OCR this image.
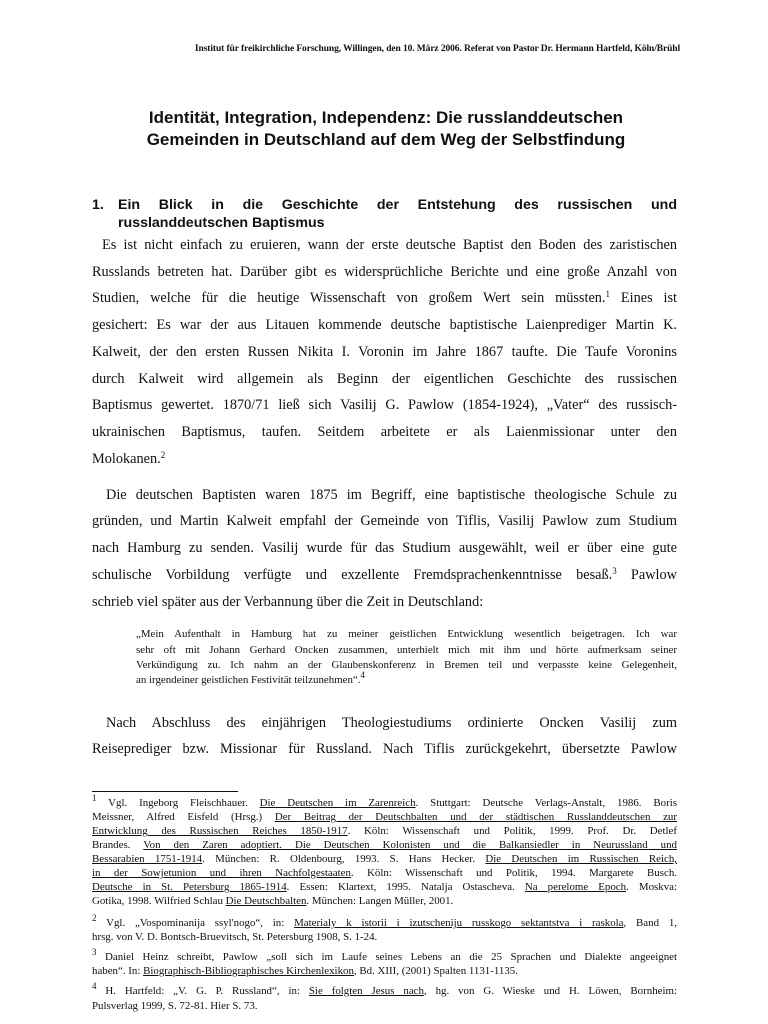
Institut für freikirchliche Forschung, Willingen, den 10. März 2006. Referat von Pastor Dr. Hermann Hartfeld, Köln/Brühl
Identität, Integration, Independenz: Die russlanddeutschen
Gemeinden in Deutschland auf dem Weg der Selbstfindung
1. Ein Blick in die Geschichte der Entstehung des russischen und
russlanddeutschen Baptismus
Es ist nicht einfach zu eruieren, wann der erste deutsche Baptist den Boden des zaristischen
Russlands betreten hat. Darüber gibt es widersprüchliche Berichte und eine große Anzahl von
Studien, welche für die heutige Wissenschaft von großem Wert sein müssten.$^1$ Eines ist
gesichert: Es war der aus Litauen kommende deutsche baptistische Laienprediger Martin K.
Kalweit, der den ersten Russen Nikita I. Voronin im Jahre 1867 taufte. Die Taufe Voronins
durch Kalweit wird allgemein als Beginn der eigentlichen Geschichte des russischen
Baptismus gewertet. 1870/71 ließ sich Vasilij G. Pawlow (1854-1924), „Vater“ des russisch-
ukrainischen Baptismus, taufen. Seitdem arbeitete er als Laienmissionar unter den
Molokanen.$^2$
Die deutschen Baptisten waren 1875 im Begriff, eine baptistische theologische Schule zu
gründen, und Martin Kalweit empfahl der Gemeinde von Tiflis, Vasilij Pawlow zum Studium
nach Hamburg zu senden. Vasilij wurde für das Studium ausgewählt, weil er über eine gute
schulische Vorbildung verfügte und exzellente Fremdsprachenkenntnisse besaß.$^3$ Pawlow
schrieb viel später aus der Verbannung über die Zeit in Deutschland:
„Mein Aufenthalt in Hamburg hat zu meiner geistlichen Entwicklung wesentlich beigetragen. Ich war
sehr oft mit Johann Gerhard Oncken zusammen, unterhielt mich mit ihm und hörte aufmerksam seiner
Verkündigung zu. Ich nahm an der Glaubenskonferenz in Bremen teil und verpasste keine Gelegenheit,
an irgendeiner geistlichen Festivität teilzunehmen“.$^4$
Nach Abschluss des einjährigen Theologiestudiums ordinierte Oncken Vasilij zum
Reiseprediger bzw. Missionar für Russland. Nach Tiflis zurückgekehrt, übersetzte Pawlow
$^1$ Vgl. Ingeborg Fleischhauer. Die Deutschen im Zarenreich. Stuttgart: Deutsche Verlags-Anstalt, 1986. Boris
Meissner, Alfred Eisfeld (Hrsg.) Der Beitrag der Deutschbalten und der städtischen Russlanddeutschen zur
Entwicklung des Russischen Reiches 1850-1917. Köln: Wissenschaft und Politik, 1999. Prof. Dr. Detlef
Brandes. Von den Zaren adoptiert. Die Deutschen Kolonisten und die Balkansiedler in Neurussland und
Bessarabien 1751-1914. München: R. Oldenbourg, 1993. S. Hans Hecker. Die Deutschen im Russischen Reich,
in der Sowjetunion und ihren Nachfolgestaaten. Köln: Wissenschaft und Politik, 1994. Margarete Busch.
Deutsche in St. Petersburg 1865-1914. Essen: Klartext, 1995. Natalja Ostascheva. Na perelome Epoch. Moskva:
Gotika, 1998. Wilfried Schlau Die Deutschbalten. München: Langen Müller, 2001.
$^2$ Vgl. „Vospominanija ssyl'nogo“, in: Materialy k istorii i izutscheniju russkogo sektantstva i raskola, Band 1,
hrsg. von V. D. Bontsch-Bruevitsch, St. Petersburg 1908, S. 1-24.
$^3$ Daniel Heinz schreibt, Pawlow „soll sich im Laufe seines Lebens an die 25 Sprachen und Dialekte angeeignet
haben“. In: Biographisch-Bibliographisches Kirchenlexikon, Bd. XIII, (2001) Spalten 1131-1135.
$^4$ H. Hartfeld: „V. G. P. Russland“, in: Sie folgten Jesus nach, hg. von G. Wieske und H. Löwen, Bornheim:
Pulsverlag 1999, S. 72-81. Hier S. 73.
